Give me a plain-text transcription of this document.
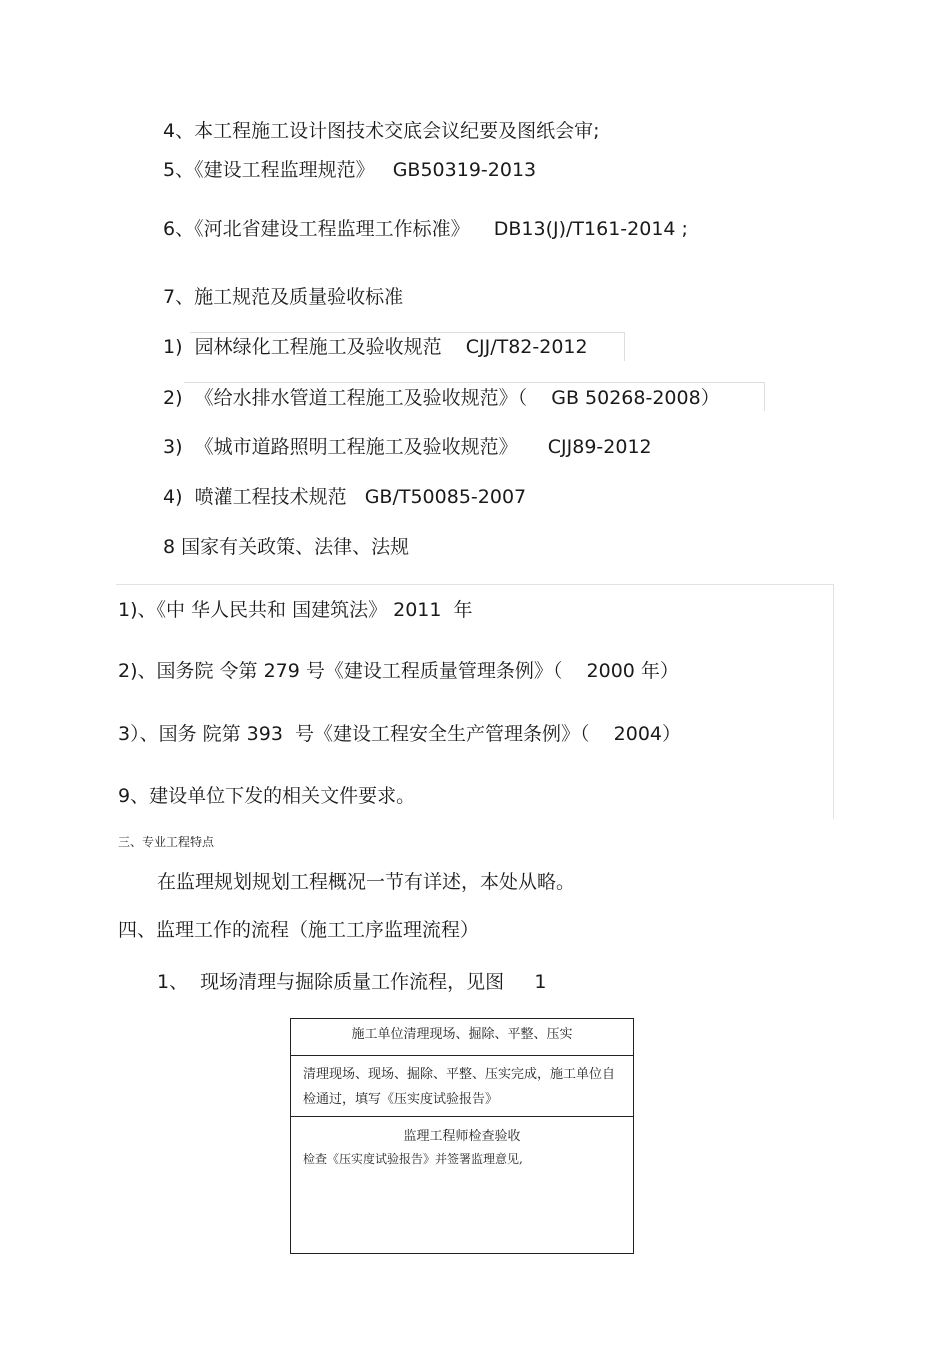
4、本工程施工设计图技术交底会议纪要及图纸会审;
5、《建设工程监理规范》   GB50319-2013
6、《河北省建设工程监理工作标准》    DB13(J)/T161-2014 ;
7、施工规范及质量验收标准
1)  园林绿化工程施工及验收规范    CJJ/T82-2012
2)  《给水排水管道工程施工及验收规范》（    GB 50268-2008）
3)  《城市道路照明工程施工及验收规范》     CJJ89-2012
4)  喷灌工程技术规范   GB/T50085-2007
8 国家有关政策、法律、法规
1)、《中 华人民共和 国建筑法》 2011  年
2)、国务院 令第 279 号《建设工程质量管理条例》（    2000 年）
3）、国务 院第 393  号《建设工程安全生产管理条例》（    2004）
9、建设单位下发的相关文件要求。
三、专业工程特点
在监理规划规划工程概况一节有详述，本处从略。
四、监理工作的流程（施工工序监理流程）
1、  现场清理与掘除质量工作流程，见图     1
施工单位清理现场、掘除、平整、压实
清理现场、现场、掘除、平整、压实完成，施工单位自检通过，填写《压实度试验报告》
监理工程师检查验收
检查《压实度试验报告》并签署监理意见,
